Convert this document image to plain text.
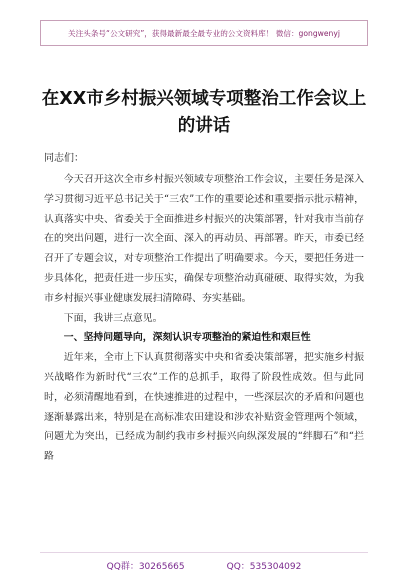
关注头条号“公文研究”，获得最新最全最专业的公文资料库！ 微信：gongwenyj
在XX市乡村振兴领域专项整治工作会议上的讲话
同志们：

今天召开这次全市乡村振兴领域专项整治工作会议，主要任务是深入学习贯彻习近平总书记关于“三农”工作的重要论述和重要指示批示精神，认真落实中央、省委关于全面推进乡村振兴的决策部署，针对我市当前存在的突出问题，进行一次全面、深入的再动员、再部署。昨天，市委已经召开了专题会议，对专项整治工作提出了明确要求。今天，要把任务进一步具体化，把责任进一步压实，确保专项整治动真碰硬、取得实效，为我市乡村振兴事业健康发展扫清障碍、夯实基础。

下面，我讲三点意见。

一、坚持问题导向，深刻认识专项整治的紧迫性和艰巨性

近年来，全市上下认真贯彻落实中央和省委决策部署，把实施乡村振兴战略作为新时代“三农”工作的总抓手，取得了阶段性成效。但与此同时，必须清醒地看到，在快速推进的过程中，一些深层次的矛盾和问题也逐渐暴露出来，特别是在高标准农田建设和涉农补贴资金管理两个领域，问题尤为突出，已经成为制约我市乡村振兴向纵深发展的“绊脚石”和“拦路

QQ群：30265665	QQ：535304092
